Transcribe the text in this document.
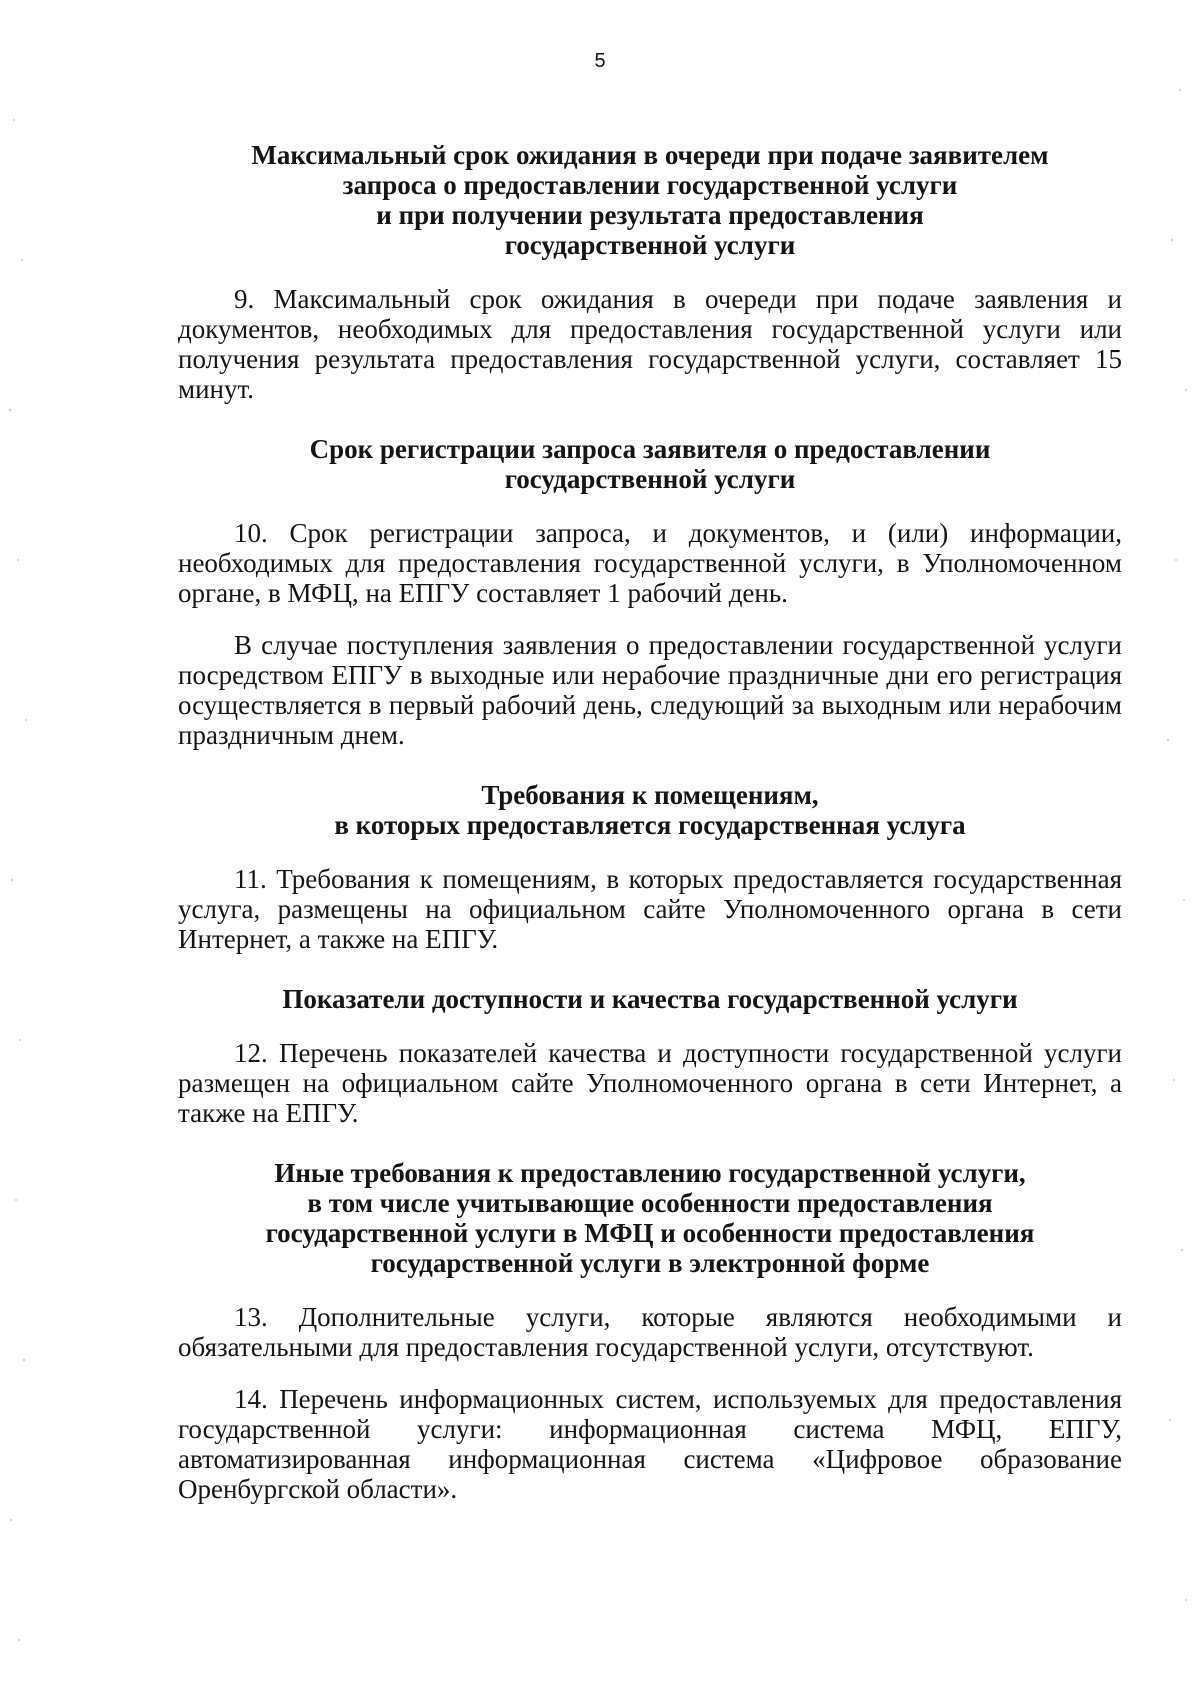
5

Максимальный срок ожидания в очереди при подаче заявителем
запроса о предоставлении государственной услуги
и при получении результата предоставления
государственной услуги

9. Максимальный срок ожидания в очереди при подаче заявления и документов, необходимых для предоставления государственной услуги или получения результата предоставления государственной услуги, составляет 15 минут.

Срок регистрации запроса заявителя о предоставлении
государственной услуги

10. Срок регистрации запроса, и документов, и (или) информации, необходимых для предоставления государственной услуги, в Уполномоченном органе, в МФЦ, на ЕПГУ составляет 1 рабочий день.

В случае поступления заявления о предоставлении государственной услуги посредством ЕПГУ в выходные или нерабочие праздничные дни его регистрация осуществляется в первый рабочий день, следующий за выходным или нерабочим праздничным днем.

Требования к помещениям,
в которых предоставляется государственная услуга

11. Требования к помещениям, в которых предоставляется государственная услуга, размещены на официальном сайте Уполномоченного органа в сети Интернет, а также на ЕПГУ.

Показатели доступности и качества государственной услуги

12. Перечень показателей качества и доступности государственной услуги размещен на официальном сайте Уполномоченного органа в сети Интернет, а также на ЕПГУ.

Иные требования к предоставлению государственной услуги,
в том числе учитывающие особенности предоставления
государственной услуги в МФЦ и особенности предоставления
государственной услуги в электронной форме

13. Дополнительные услуги, которые являются необходимыми и обязательными для предоставления государственной услуги, отсутствуют.

14. Перечень информационных систем, используемых для предоставления государственной услуги: информационная система МФЦ, ЕПГУ, автоматизированная информационная система «Цифровое образование Оренбургской области».
